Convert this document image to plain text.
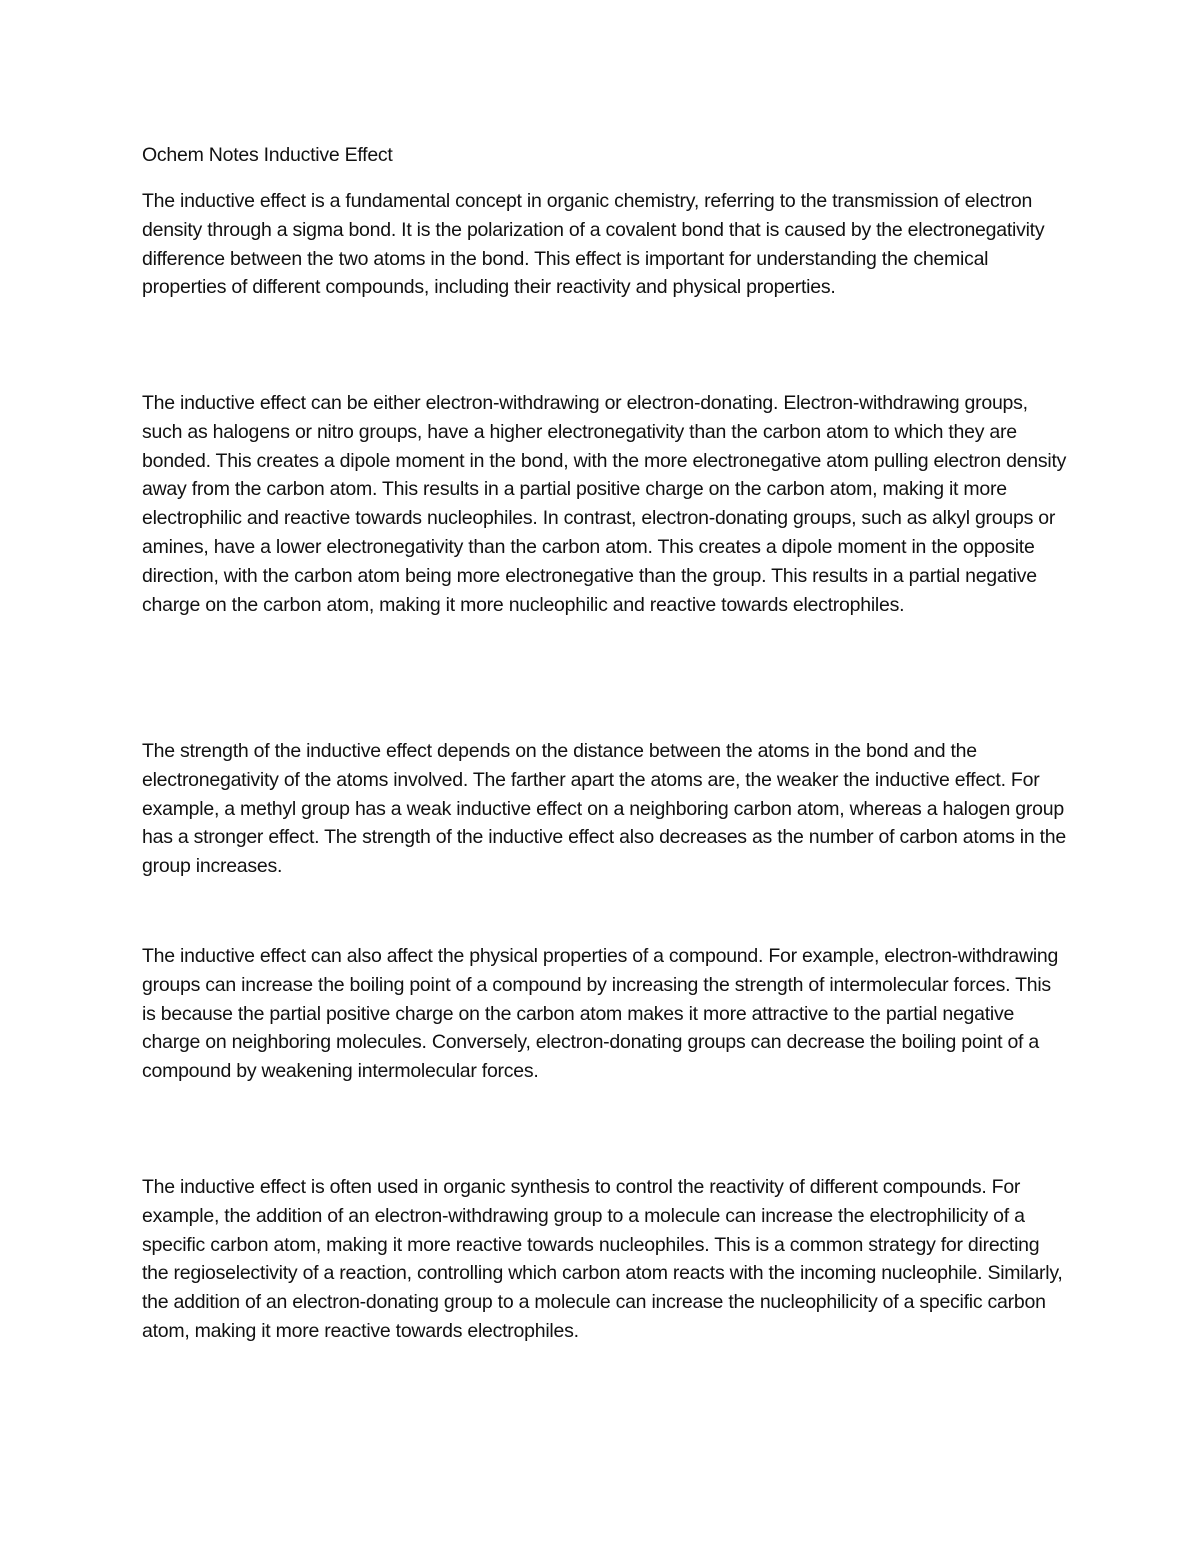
Ochem Notes Inductive Effect

The inductive effect is a fundamental concept in organic chemistry, referring to the transmission of electron density through a sigma bond. It is the polarization of a covalent bond that is caused by the electronegativity difference between the two atoms in the bond. This effect is important for understanding the chemical properties of different compounds, including their reactivity and physical properties.

The inductive effect can be either electron-withdrawing or electron-donating. Electron-withdrawing groups, such as halogens or nitro groups, have a higher electronegativity than the carbon atom to which they are bonded. This creates a dipole moment in the bond, with the more electronegative atom pulling electron density away from the carbon atom. This results in a partial positive charge on the carbon atom, making it more electrophilic and reactive towards nucleophiles. In contrast, electron-donating groups, such as alkyl groups or amines, have a lower electronegativity than the carbon atom. This creates a dipole moment in the opposite direction, with the carbon atom being more electronegative than the group. This results in a partial negative charge on the carbon atom, making it more nucleophilic and reactive towards electrophiles.

The strength of the inductive effect depends on the distance between the atoms in the bond and the electronegativity of the atoms involved. The farther apart the atoms are, the weaker the inductive effect. For example, a methyl group has a weak inductive effect on a neighboring carbon atom, whereas a halogen group has a stronger effect. The strength of the inductive effect also decreases as the number of carbon atoms in the group increases.

The inductive effect can also affect the physical properties of a compound. For example, electron-withdrawing groups can increase the boiling point of a compound by increasing the strength of intermolecular forces. This is because the partial positive charge on the carbon atom makes it more attractive to the partial negative charge on neighboring molecules. Conversely, electron-donating groups can decrease the boiling point of a compound by weakening intermolecular forces.

The inductive effect is often used in organic synthesis to control the reactivity of different compounds. For example, the addition of an electron-withdrawing group to a molecule can increase the electrophilicity of a specific carbon atom, making it more reactive towards nucleophiles. This is a common strategy for directing the regioselectivity of a reaction, controlling which carbon atom reacts with the incoming nucleophile. Similarly, the addition of an electron-donating group to a molecule can increase the nucleophilicity of a specific carbon atom, making it more reactive towards electrophiles.
